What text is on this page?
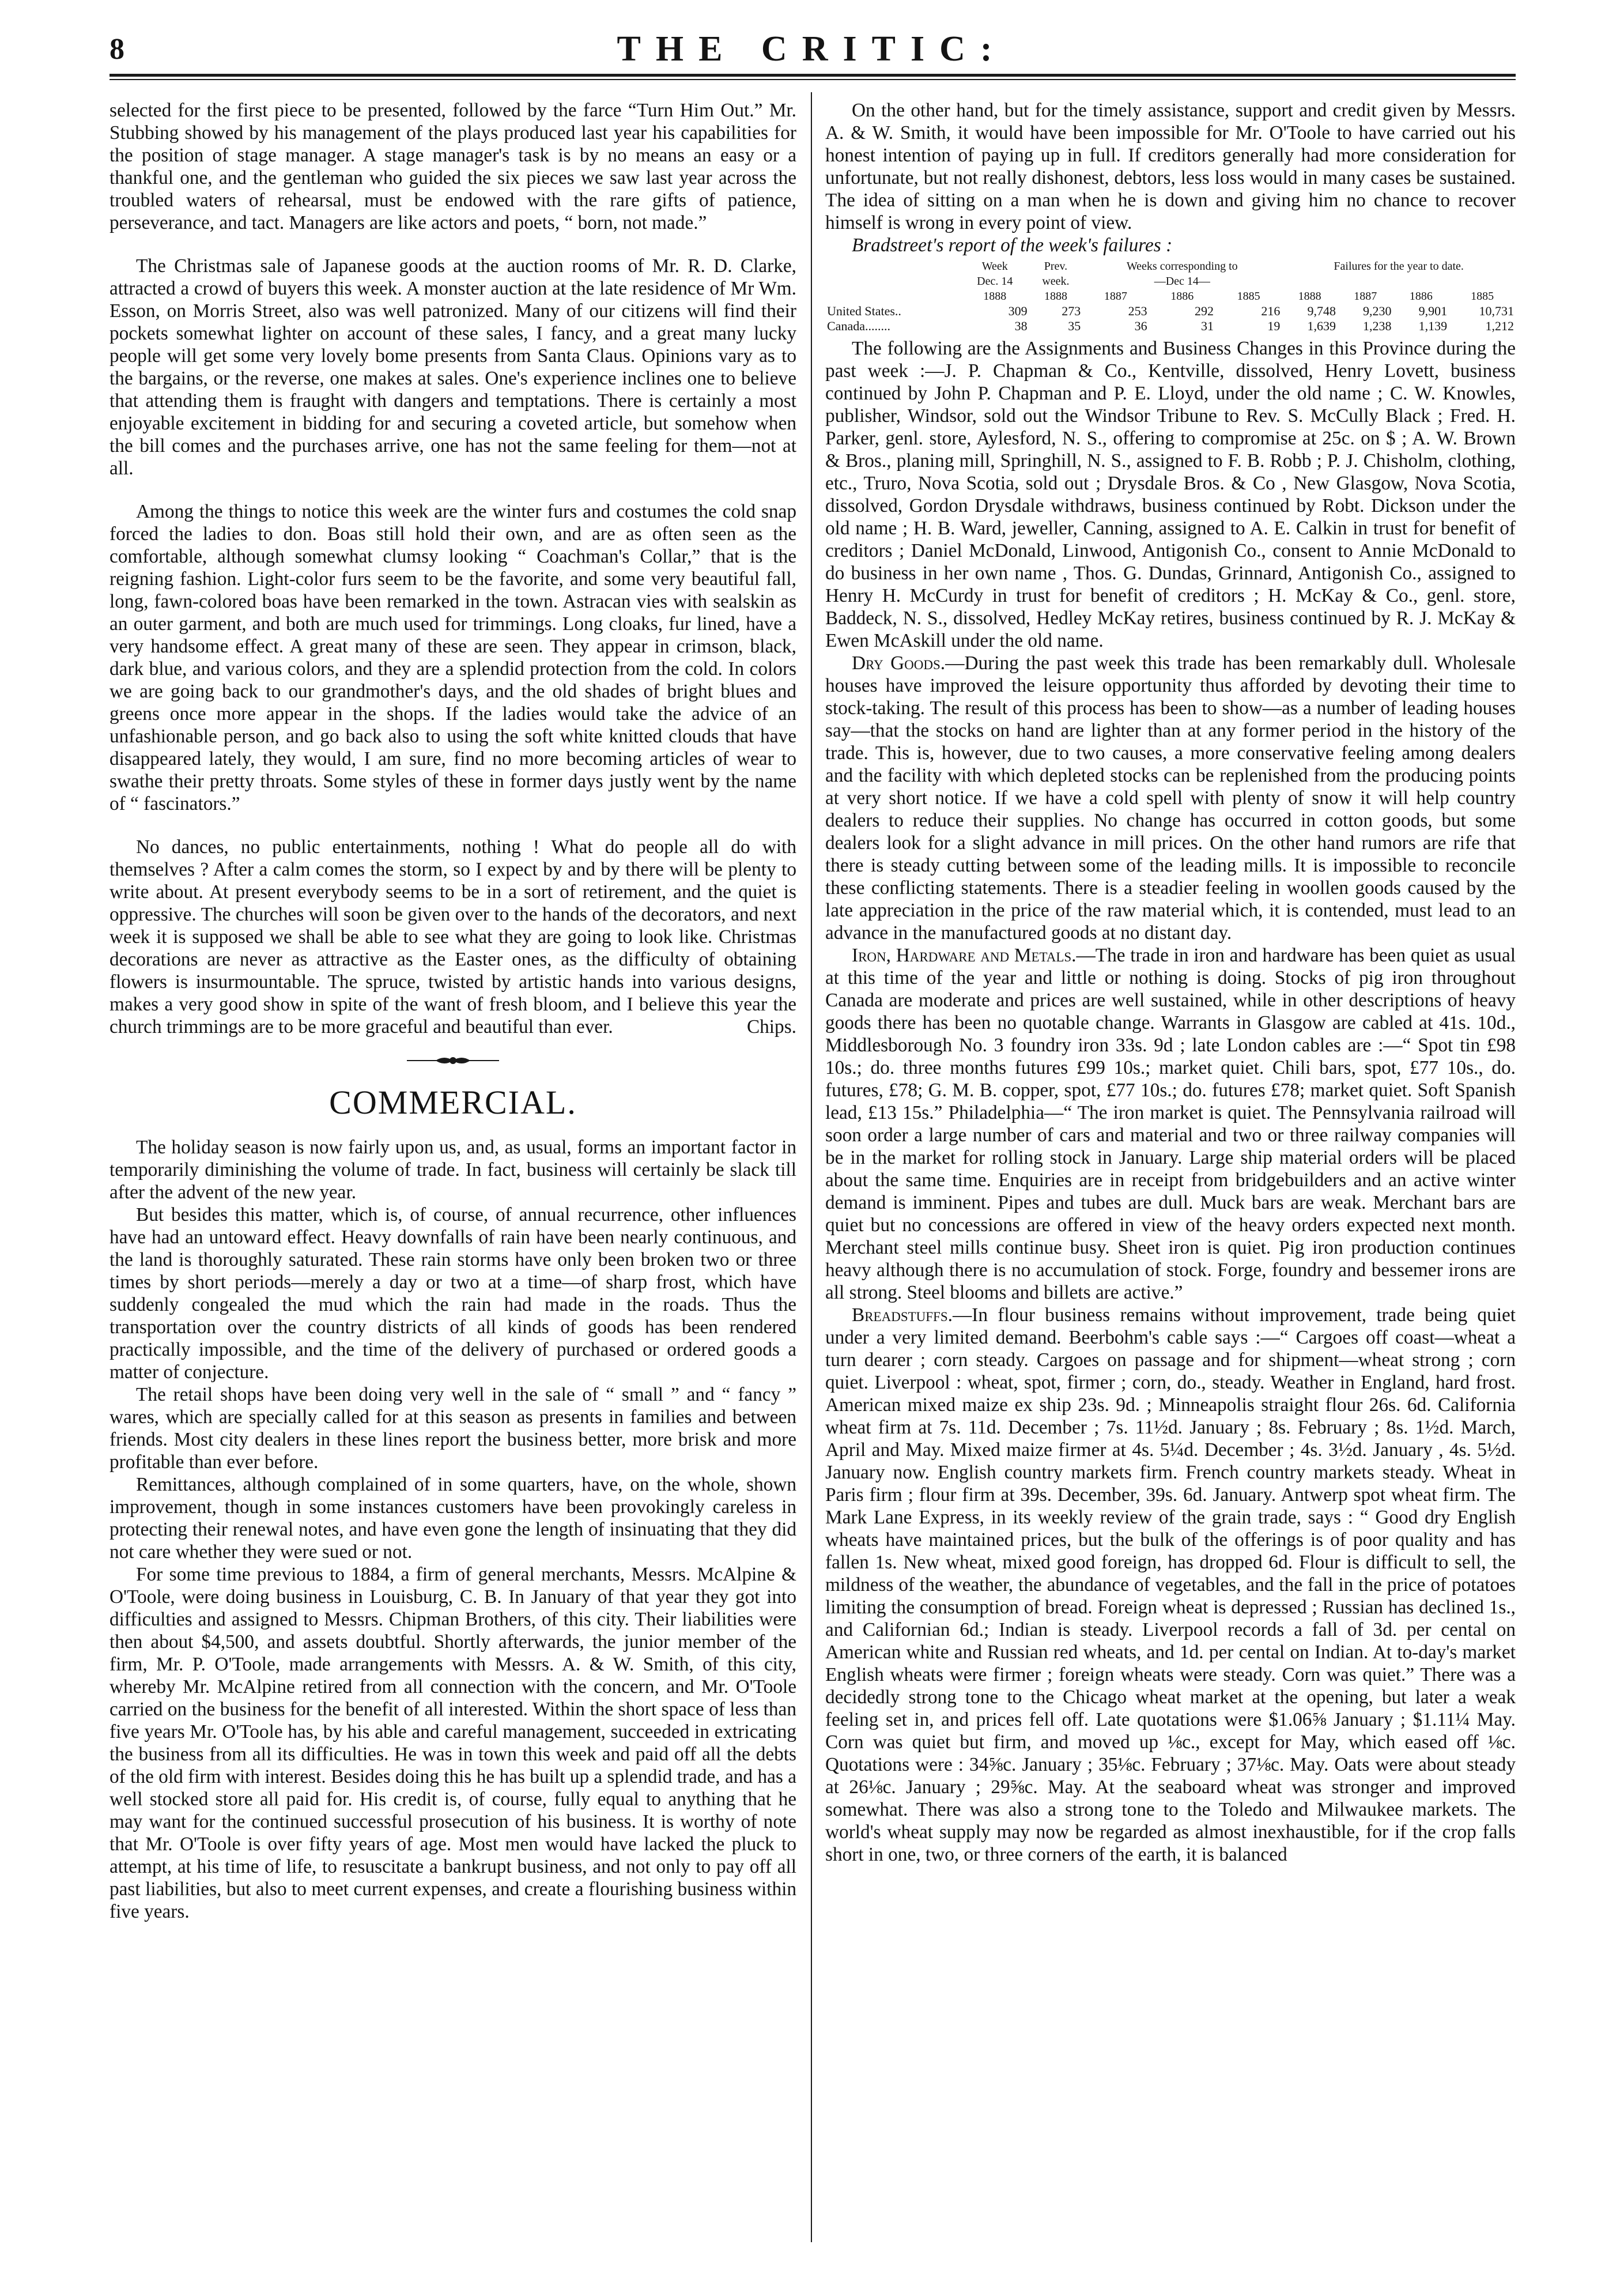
8	THE CRITIC:

selected for the first piece to be presented, followed by the farce “Turn Him Out.” Mr. Stubbing showed by his management of the plays produced last year his capabilities for the position of stage manager. A stage manager's task is by no means an easy or a thankful one, and the gentleman who guided the six pieces we saw last year across the troubled waters of rehearsal, must be endowed with the rare gifts of patience, perseverance, and tact. Managers are like actors and poets, “ born, not made.”

The Christmas sale of Japanese goods at the auction rooms of Mr. R. D. Clarke, attracted a crowd of buyers this week. A monster auction at the late residence of Mr Wm. Esson, on Morris Street, also was well patronized. Many of our citizens will find their pockets somewhat lighter on account of these sales, I fancy, and a great many lucky people will get some very lovely bome presents from Santa Claus. Opinions vary as to the bargains, or the reverse, one makes at sales. One's experience inclines one to believe that attending them is fraught with dangers and temptations. There is certainly a most enjoyable excitement in bidding for and securing a coveted article, but somehow when the bill comes and the purchases arrive, one has not the same feeling for them—not at all.

Among the things to notice this week are the winter furs and costumes the cold snap forced the ladies to don. Boas still hold their own, and are as often seen as the comfortable, although somewhat clumsy looking “ Coachman's Collar,” that is the reigning fashion. Light-color furs seem to be the favorite, and some very beautiful fall, long, fawn-colored boas have been remarked in the town. Astracan vies with sealskin as an outer garment, and both are much used for trimmings. Long cloaks, fur lined, have a very handsome effect. A great many of these are seen. They appear in crimson, black, dark blue, and various colors, and they are a splendid protection from the cold. In colors we are going back to our grandmother's days, and the old shades of bright blues and greens once more appear in the shops. If the ladies would take the advice of an unfashionable person, and go back also to using the soft white knitted clouds that have disappeared lately, they would, I am sure, find no more becoming articles of wear to swathe their pretty throats. Some styles of these in former days justly went by the name of “ fascinators.”

No dances, no public entertainments, nothing ! What do people all do with themselves ? After a calm comes the storm, so I expect by and by there will be plenty to write about. At present everybody seems to be in a sort of retirement, and the quiet is oppressive. The churches will soon be given over to the hands of the decorators, and next week it is supposed we shall be able to see what they are going to look like. Christmas decorations are never as attractive as the Easter ones, as the difficulty of obtaining flowers is insurmountable. The spruce, twisted by artistic hands into various designs, makes a very good show in spite of the want of fresh bloom, and I believe this year the church trimmings are to be more graceful and beautiful than ever.	Chips.

COMMERCIAL.

The holiday season is now fairly upon us, and, as usual, forms an important factor in temporarily diminishing the volume of trade. In fact, business will certainly be slack till after the advent of the new year.

But besides this matter, which is, of course, of annual recurrence, other influences have had an untoward effect. Heavy downfalls of rain have been nearly continuous, and the land is thoroughly saturated. These rain storms have only been broken two or three times by short periods—merely a day or two at a time—of sharp frost, which have suddenly congealed the mud which the rain had made in the roads. Thus the transportation over the country districts of all kinds of goods has been rendered practically impossible, and the time of the delivery of purchased or ordered goods a matter of conjecture.

The retail shops have been doing very well in the sale of “ small ” and “ fancy ” wares, which are specially called for at this season as presents in families and between friends. Most city dealers in these lines report the business better, more brisk and more profitable than ever before.

Remittances, although complained of in some quarters, have, on the whole, shown improvement, though in some instances customers have been provokingly careless in protecting their renewal notes, and have even gone the length of insinuating that they did not care whether they were sued or not.

For some time previous to 1884, a firm of general merchants, Messrs. McAlpine & O'Toole, were doing business in Louisburg, C. B. In January of that year they got into difficulties and assigned to Messrs. Chipman Brothers, of this city. Their liabilities were then about $4,500, and assets doubtful. Shortly afterwards, the junior member of the firm, Mr. P. O'Toole, made arrangements with Messrs. A. & W. Smith, of this city, whereby Mr. McAlpine retired from all connection with the concern, and Mr. O'Toole carried on the business for the benefit of all interested. Within the short space of less than five years Mr. O'Toole has, by his able and careful management, succeeded in extricating the business from all its difficulties. He was in town this week and paid off all the debts of the old firm with interest. Besides doing this he has built up a splendid trade, and has a well stocked store all paid for. His credit is, of course, fully equal to anything that he may want for the continued successful prosecution of his business. It is worthy of note that Mr. O'Toole is over fifty years of age. Most men would have lacked the pluck to attempt, at his time of life, to resuscitate a bankrupt business, and not only to pay off all past liabilities, but also to meet current expenses, and create a flourishing business within five years.

On the other hand, but for the timely assistance, support and credit given by Messrs. A. & W. Smith, it would have been impossible for Mr. O'Toole to have carried out his honest intention of paying up in full. If creditors generally had more consideration for unfortunate, but not really dishonest, debtors, less loss would in many cases be sustained. The idea of sitting on a man when he is down and giving him no chance to recover himself is wrong in every point of view.

Bradstreet's report of the week's failures :

	Week	Prev.	Weeks corresponding to			Failures for the year to date.			
	Dec. 14	week.	—Dec 14—						
	1888	1888	1887	1886	1885	1888	1887	1886	1885
United States..	309	273	253	292	216	9,748	9,230	9,901	10,731
Canada........	38	35	36	31	19	1,639	1,238	1,139	1,212

The following are the Assignments and Business Changes in this Province during the past week :—J. P. Chapman & Co., Kentville, dissolved, Henry Lovett, business continued by John P. Chapman and P. E. Lloyd, under the old name ; C. W. Knowles, publisher, Windsor, sold out the Windsor Tribune to Rev. S. McCully Black ; Fred. H. Parker, genl. store, Aylesford, N. S., offering to compromise at 25c. on $ ; A. W. Brown & Bros., planing mill, Springhill, N. S., assigned to F. B. Robb ; P. J. Chisholm, clothing, etc., Truro, Nova Scotia, sold out ; Drysdale Bros. & Co , New Glasgow, Nova Scotia, dissolved, Gordon Drysdale withdraws, business continued by Robt. Dickson under the old name ; H. B. Ward, jeweller, Canning, assigned to A. E. Calkin in trust for benefit of creditors ; Daniel McDonald, Linwood, Antigonish Co., consent to Annie McDonald to do business in her own name , Thos. G. Dundas, Grinnard, Antigonish Co., assigned to Henry H. McCurdy in trust for benefit of creditors ; H. McKay & Co., genl. store, Baddeck, N. S., dissolved, Hedley McKay retires, business continued by R. J. McKay & Ewen McAskill under the old name.

Dry Goods.—During the past week this trade has been remarkably dull. Wholesale houses have improved the leisure opportunity thus afforded by devoting their time to stock-taking. The result of this process has been to show—as a number of leading houses say—that the stocks on hand are lighter than at any former period in the history of the trade. This is, however, due to two causes, a more conservative feeling among dealers and the facility with which depleted stocks can be replenished from the producing points at very short notice. If we have a cold spell with plenty of snow it will help country dealers to reduce their supplies. No change has occurred in cotton goods, but some dealers look for a slight advance in mill prices. On the other hand rumors are rife that there is steady cutting between some of the leading mills. It is impossible to reconcile these conflicting statements. There is a steadier feeling in woollen goods caused by the late appreciation in the price of the raw material which, it is contended, must lead to an advance in the manufactured goods at no distant day.

Iron, Hardware and Metals.—The trade in iron and hardware has been quiet as usual at this time of the year and little or nothing is doing. Stocks of pig iron throughout Canada are moderate and prices are well sustained, while in other descriptions of heavy goods there has been no quotable change. Warrants in Glasgow are cabled at 41s. 10d., Middlesborough No. 3 foundry iron 33s. 9d ; late London cables are :—“ Spot tin £98 10s.; do. three months futures £99 10s.; market quiet. Chili bars, spot, £77 10s., do. futures, £78; G. M. B. copper, spot, £77 10s.; do. futures £78; market quiet. Soft Spanish lead, £13 15s.” Philadelphia—“ The iron market is quiet. The Pennsylvania railroad will soon order a large number of cars and material and two or three railway companies will be in the market for rolling stock in January. Large ship material orders will be placed about the same time. Enquiries are in receipt from bridgebuilders and an active winter demand is imminent. Pipes and tubes are dull. Muck bars are weak. Merchant bars are quiet but no concessions are offered in view of the heavy orders expected next month. Merchant steel mills continue busy. Sheet iron is quiet. Pig iron production continues heavy although there is no accumulation of stock. Forge, foundry and bessemer irons are all strong. Steel blooms and billets are active.”

Breadstuffs.—In flour business remains without improvement, trade being quiet under a very limited demand. Beerbohm's cable says :—“ Cargoes off coast—wheat a turn dearer ; corn steady. Cargoes on passage and for shipment—wheat strong ; corn quiet. Liverpool : wheat, spot, firmer ; corn, do., steady. Weather in England, hard frost. American mixed maize ex ship 23s. 9d. ; Minneapolis straight flour 26s. 6d. California wheat firm at 7s. 11d. December ; 7s. 11½d. January ; 8s. February ; 8s. 1½d. March, April and May. Mixed maize firmer at 4s. 5¼d. December ; 4s. 3½d. January , 4s. 5½d. January now. English country markets firm. French country markets steady. Wheat in Paris firm ; flour firm at 39s. December, 39s. 6d. January. Antwerp spot wheat firm. The Mark Lane Express, in its weekly review of the grain trade, says : “ Good dry English wheats have maintained prices, but the bulk of the offerings is of poor quality and has fallen 1s. New wheat, mixed good foreign, has dropped 6d. Flour is difficult to sell, the mildness of the weather, the abundance of vegetables, and the fall in the price of potatoes limiting the consumption of bread. Foreign wheat is depressed ; Russian has declined 1s., and Californian 6d.; Indian is steady. Liverpool records a fall of 3d. per cental on American white and Russian red wheats, and 1d. per cental on Indian. At to-day's market English wheats were firmer ; foreign wheats were steady. Corn was quiet.” There was a decidedly strong tone to the Chicago wheat market at the opening, but later a weak feeling set in, and prices fell off. Late quotations were $1.06⅝ January ; $1.11¼ May. Corn was quiet but firm, and moved up ⅛c., except for May, which eased off ⅛c. Quotations were : 34⅝c. January ; 35⅛c. February ; 37⅛c. May. Oats were about steady at 26⅛c. January ; 29⅝c. May. At the seaboard wheat was stronger and improved somewhat. There was also a strong tone to the Toledo and Milwaukee markets. The world's wheat supply may now be regarded as almost inexhaustible, for if the crop falls short in one, two, or three corners of the earth, it is balanced
